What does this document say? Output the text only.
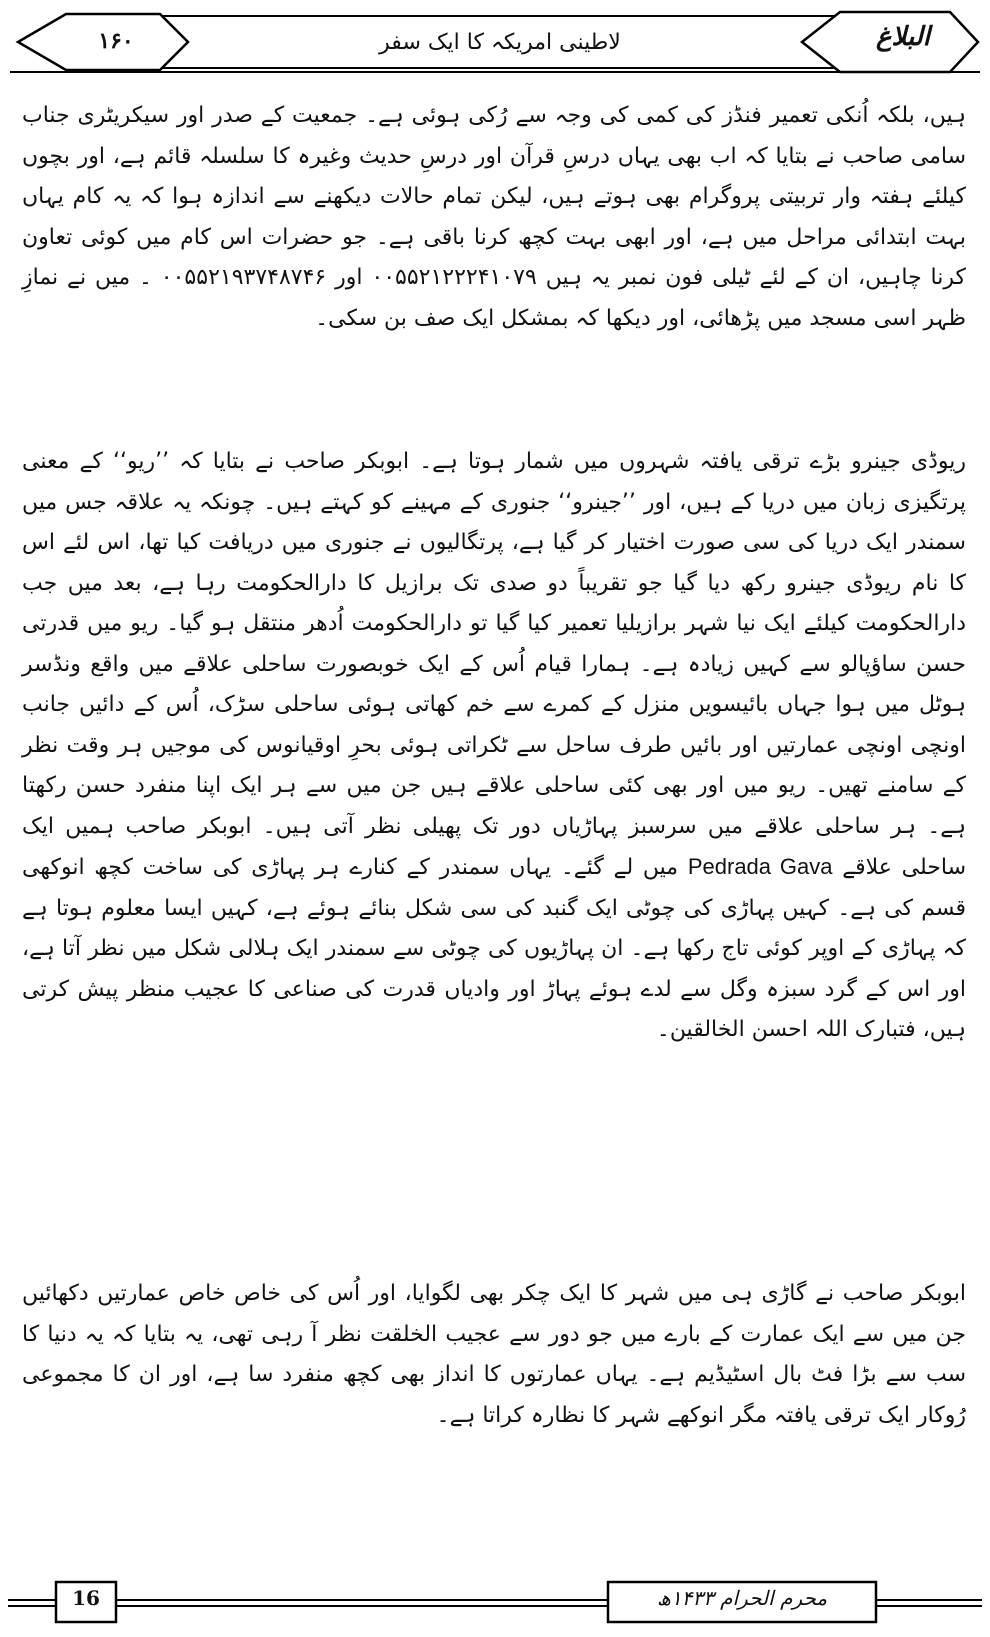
۱۶۰	لاطینی امریکہ کا ایک سفر	البلاغ

ہیں، بلکہ اُنکی تعمیر فنڈز کی کمی کی وجہ سے رُکی ہوئی ہے۔ جمعیت کے صدر اور سیکریٹری جناب سامی صاحب نے بتایا کہ اب بھی یہاں درسِ قرآن اور درسِ حدیث وغیرہ کا سلسلہ قائم ہے، اور بچوں کیلئے ہفتہ وار تربیتی پروگرام بھی ہوتے ہیں، لیکن تمام حالات دیکھنے سے اندازہ ہوا کہ یہ کام یہاں بہت ابتدائی مراحل میں ہے، اور ابھی بہت کچھ کرنا باقی ہے۔ جو حضرات اس کام میں کوئی تعاون کرنا چاہیں، ان کے لئے ٹیلی فون نمبر یہ ہیں ۰۰۵۵۲۱۲۲۲۴۱۰۷۹ اور ۰۰۵۵۲۱۹۳۷۴۸۷۴۶ ۔ میں نے نمازِ ظہر اسی مسجد میں پڑھائی، اور دیکھا کہ بمشکل ایک صف بن سکی۔

ریوڈی جینرو بڑے ترقی یافتہ شہروں میں شمار ہوتا ہے۔ ابوبکر صاحب نے بتایا کہ ’’ریو‘‘ کے معنی پرتگیزی زبان میں دریا کے ہیں، اور ’’جینرو‘‘ جنوری کے مہینے کو کہتے ہیں۔ چونکہ یہ علاقہ جس میں سمندر ایک دریا کی سی صورت اختیار کر گیا ہے، پرتگالیوں نے جنوری میں دریافت کیا تھا، اس لئے اس کا نام ریوڈی جینرو رکھ دیا گیا جو تقریباً دو صدی تک برازیل کا دارالحکومت رہا ہے، بعد میں جب دارالحکومت کیلئے ایک نیا شہر برازیلیا تعمیر کیا گیا تو دارالحکومت اُدھر منتقل ہو گیا۔ ریو میں قدرتی حسن ساؤپالو سے کہیں زیادہ ہے۔ ہمارا قیام اُس کے ایک خوبصورت ساحلی علاقے میں واقع ونڈسر ہوٹل میں ہوا جہاں بائیسویں منزل کے کمرے سے خم کھاتی ہوئی ساحلی سڑک، اُس کے دائیں جانب اونچی اونچی عمارتیں اور بائیں طرف ساحل سے ٹکراتی ہوئی بحرِ اوقیانوس کی موجیں ہر وقت نظر کے سامنے تھیں۔ ریو میں اور بھی کئی ساحلی علاقے ہیں جن میں سے ہر ایک اپنا منفرد حسن رکھتا ہے۔ ہر ساحلی علاقے میں سرسبز پہاڑیاں دور تک پھیلی نظر آتی ہیں۔ ابوبکر صاحب ہمیں ایک ساحلی علاقے Pedrada Gava میں لے گئے۔ یہاں سمندر کے کنارے ہر پہاڑی کی ساخت کچھ انوکھی قسم کی ہے۔ کہیں پہاڑی کی چوٹی ایک گنبد کی سی شکل بنائے ہوئے ہے، کہیں ایسا معلوم ہوتا ہے کہ پہاڑی کے اوپر کوئی تاج رکھا ہے۔ ان پہاڑیوں کی چوٹی سے سمندر ایک ہلالی شکل میں نظر آتا ہے، اور اس کے گرد سبزہ وگل سے لدے ہوئے پہاڑ اور وادیاں قدرت کی صناعی کا عجیب منظر پیش کرتی ہیں، فتبارک اللہ احسن الخالقین۔

ابوبکر صاحب نے گاڑی ہی میں شہر کا ایک چکر بھی لگوایا، اور اُس کی خاص خاص عمارتیں دکھائیں جن میں سے ایک عمارت کے بارے میں جو دور سے عجیب الخلقت نظر آ رہی تھی، یہ بتایا کہ یہ دنیا کا سب سے بڑا فٹ بال اسٹیڈیم ہے۔ یہاں عمارتوں کا انداز بھی کچھ منفرد سا ہے، اور ان کا مجموعی رُوکار ایک ترقی یافتہ مگر انوکھے شہر کا نظارہ کراتا ہے۔

16	محرم الحرام ۱۴۳۳ھ
